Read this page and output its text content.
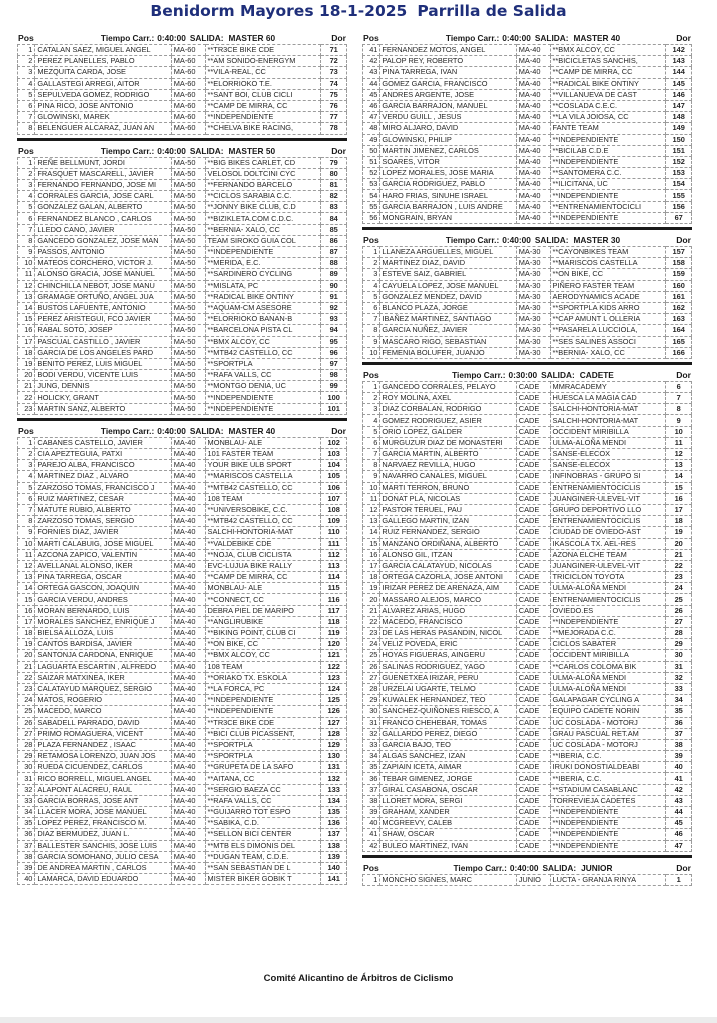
Benidorm Mayores 18-1-2025 Parrilla de Salida
Pos	Tiempo Carr.: 0:40:00 SALIDA: MASTER 60	Dor
1	CATALAN SAEZ, MIGUEL ANGEL	MA-60	**TR3CE BIKE CDE	71
2	PEREZ PLANELLES, PABLO	MA-60	**AM SONIDO-ENERGYM	72
3	MEZQUITA CARDA, JOSE	MA-60	**VILA-REAL, CC	73
4	GALLASTEGI ARREGI, AITOR	MA-60	**ELORRIOKO T.E.	74
5	SEPULVEDA GOMEZ, RODRIGO	MA-60	**SANT BOI, CLUB CICLI	75
6	PINA RICO, JOSE ANTONIO	MA-60	**CAMP DE MIRRA, CC	76
7	GLOWINSKI, MAREK	MA-60	**INDEPENDIENTE	77
8	BELENGUER ALCARAZ, JUAN AN	MA-60	**CHELVA BIKE RACING,	78
Pos	Tiempo Carr.: 0:40:00 SALIDA: MASTER 50	Dor
1	REÑE BELLMUNT, JORDI	MA-50	**BIG BIKES CARLET, CD	79
2	FRASQUET MASCARELL, JAVIER	MA-50	VELOSOL DOLTCINI CYC	80
3	FERNANDO FERNANDO, JOSE MI	MA-50	**FERNANDO BARCELO	81
4	CORRALES GARCIA, JOSE CARL	MA-50	**CICLOS SARABIA C.C.	82
5	GONZALEZ GALAN, ALBERTO	MA-50	**JONNY BIKE CLUB, C.D	83
6	FERNANDEZ BLANCO , CARLOS	MA-50	**BIZIKLETA.COM C.D.C.	84
7	LLEDO CANO, JAVIER	MA-50	**BERNIA- XALO, CC	85
8	GANCEDO GONZALEZ, JOSE MAN	MA-50	TEAM SIROKO GUIA COL	86
9	PASSOS, ANTONIO	MA-50	**INDEPENDIENTE	87
10	MATEOS CORCHERO, VICTOR J.	MA-50	**MERIDA, E.C.	88
11	ALONSO GRACIA, JOSE MANUEL	MA-50	**SARDINERO CYCLING	89
12	CHINCHILLA NEBOT, JOSE MANU	MA-50	**MISLATA, PC	90
13	GRAMAGE ORTUÑO, ANGEL JUA	MA-50	**RADICAL BIKE ONTINY	91
14	BUSTOS LAFUENTE, ANTONIO	MA-50	**AQUAM-CM ASESORE	92
15	PEREZ ARISTEGUI, FCO JAVIER	MA-50	**ELORRIOKO BANAN-B	93
16	RABAL SOTO, JOSEP	MA-50	**BARCELONA PISTA CL	94
17	PASCUAL CASTILLO , JAVIER	MA-50	**BMX ALCOY, CC	95
18	GARCIA DE LOS ANGELES PARD	MA-50	**MTB42 CASTELLO, CC	96
19	BENITO PEREZ, LUIS MIGUEL	MA-50	**SPORTPLA	97
20	BODI VERDU, VICENTE LUIS	MA-50	**RAFA VALLS, CC	98
21	JUNG, DENNIS	MA-50	**MONTGO DENIA, UC	99
22	HOLICKY, GRANT	MA-50	**INDEPENDIENTE	100
23	MARTIN SANZ, ALBERTO	MA-50	**INDEPENDIENTE	101
Pos	Tiempo Carr.: 0:40:00 SALIDA: MASTER 40	Dor
1	CABANES CASTELLO, JAVIER	MA-40	MONBLAU- ALE	102
2	CIA APEZTEGUIA, PATXI	MA-40	101 FASTER TEAM	103
3	PAREJO ALBA, FRANCISCO	MA-40	YOUR BIKE ULB SPORT	104
4	MARTINEZ DIAZ , ALVARO	MA-40	**MARISCOS CASTELLA	105
5	ZARZOSO TOMAS, FRANCISCO J	MA-40	**MTB42 CASTELLO, CC	106
6	RUIZ MARTINEZ, CESAR	MA-40	108 TEAM	107
7	MATUTE RUBIO, ALBERTO	MA-40	**UNIVERSOBIKE, C.C.	108
8	ZARZOSO TOMAS, SERGIO	MA-40	**MTB42 CASTELLO, CC	109
9	FORNIES DIAZ, JAVIER	MA-40	SALCHI-HONTORIA-MAT	110
10	MARTI CALABUIG, JOSE MIGUEL	MA-40	**VALDEBIKE CDE	111
11	AZCONA ZAPICO, VALENTIN	MA-40	**NOJA, CLUB CICLISTA	112
12	AVELLANAL ALONSO, IKER	MA-40	EVC-LUJUA BIKE RALLY	113
13	PINA TARREGA, OSCAR	MA-40	**CAMP DE MIRRA, CC	114
14	ORTEGA GASCON, JOAQUIN	MA-40	MONBLAU- ALE	115
15	GARCIA VERDU, ANDRES	MA-40	**CONNECT, CC	116
16	MORAN BERNARDO, LUIS	MA-40	DEBRA PIEL DE MARIPO	117
17	MORALES SANCHEZ, ENRIQUE J	MA-40	**ANGLIRUBIKE	118
18	BIELSA ALLOZA, LUIS	MA-40	**BIKING POINT, CLUB CI	119
19	CANTOS BARDISA, JAVIER	MA-40	**ON BIKE, CC	120
20	SANTONJA CARDONA, ENRIQUE	MA-40	**BMX ALCOY, CC	121
21	LAGUARTA ESCARTIN , ALFREDO	MA-40	108 TEAM	122
22	SAIZAR MATXINEA, IKER	MA-40	**ORIAKO TX. ESKOLA	123
23	CALATAYUD MARQUEZ, SERGIO	MA-40	**LA FORCA, PC	124
24	MATOS, ROGERIO	MA-40	**INDEPENDIENTE	125
25	MACEDO, MARCO	MA-40	**INDEPENDIENTE	126
26	SABADELL PARRADO, DAVID	MA-40	**TR3CE BIKE CDE	127
27	PRIMO ROMAGUERA, VICENT	MA-40	**BICI CLUB PICASSENT,	128
28	PLAZA FERNANDEZ , ISAAC	MA-40	**SPORTPLA	129
29	RETAMOSA LORENZO, JUAN JOS	MA-40	**SPORTPLA	130
30	RUEDA CICUENDEZ, CARLOS	MA-40	**GRUPETA DE LA SAFO	131
31	RICO BORRELL, MIGUEL ANGEL	MA-40	**AITANA, CC	132
32	ALAPONT ALACREU, RAUL	MA-40	**SERGIO BAEZA CC	133
33	GARCIA BORRAS, JOSE ANT	MA-40	**RAFA VALLS, CC	134
34	LLACER MORA, JOSE MANUEL	MA-40	**GUIJARRO TOT ESPO	135
35	LOPEZ PEREZ, FRANCISCO M.	MA-40	**SABIKA, C.D.	136
36	DIAZ BERMUDEZ, JUAN L.	MA-40	**SELLON BICI CENTER	137
37	BALLESTER SANCHIS, JOSE LUIS	MA-40	**MTB ELS DIMONIS DEL	138
38	GARCIA SOMOHANO, JULIO CESA	MA-40	**DUGAN TEAM, C.D.E.	139
39	DE ANDREA MARTIN , CARLOS	MA-40	**SAN SEBASTIAN DE L	140
40	LAMARCA, DAVID EDUARDO	MA-40	MISTER BIKER GOBIK T	141
Pos	Tiempo Carr.: 0:40:00 SALIDA: MASTER 40	Dor
41	FERNANDEZ MOTOS, ANGEL	MA-40	**BMX ALCOY, CC	142
42	PALOP REY, ROBERTO	MA-40	**BICICLETAS SANCHIS,	143
43	PINA TARREGA, IVAN	MA-40	**CAMP DE MIRRA, CC	144
44	GOMEZ GARCIA, FRANCISCO	MA-40	**RADICAL BIKE ONTINY	145
45	ANDRES ARGENTE, JOSE	MA-40	**VILLANUEVA DE CAST	146
46	GARCIA BARRAJON, MANUEL	MA-40	**COSLADA C.E.C.	147
47	VERDU GUILL , JESUS	MA-40	**LA VILA JOIOSA, CC	148
48	MIRO ALJARO, DAVID	MA-40	FANTE TEAM	149
49	GLOWINSKI, PHILIP	MA-40	**INDEPENDIENTE	150
50	MARTIN JIMENEZ, CARLOS	MA-40	**BICILAB C.D.E	151
51	SOARES, VITOR	MA-40	**INDEPENDIENTE	152
52	LOPEZ MORALES, JOSE MARIA	MA-40	**SANTOMERA C.C.	153
53	GARCIA RODRIGUEZ, PABLO	MA-40	**ILICITANA, UC	154
54	HARO FRIAS, SINUHE ISRAEL	MA-40	**INDEPENDIENTE	155
55	GARCIA BARRAJON , LUIS ANDRE	MA-40	**ENTRENAMIENTOCICLI	156
56	MONGRAIN, BRYAN	MA-40	**INDEPENDIENTE	67
Pos	Tiempo Carr.: 0:40:00 SALIDA: MASTER 30	Dor
1	LLANEZA ARGUELLES, MIGUEL	MA-30	**CAYONBIKES TEAM	157
2	MARTINEZ DIAZ, DAVID	MA-30	**MARISCOS CASTELLA	158
3	ESTEVE SAIZ, GABRIEL	MA-30	**ON BIKE, CC	159
4	CAYUELA LOPEZ, JOSE MANUEL	MA-30	PIÑERO FASTER TEAM	160
5	GONZALEZ MENDEZ, DAVID	MA-30	AERODYNAMICS ACADE	161
6	BLANCO PLAZA, JORGE	MA-30	**SPORTPLA KIDS ARRO	162
7	IBAÑEZ MARTINEZ, SANTIAGO	MA-30	**CAP AMUNT L OLLERIA	163
8	GARCIA NUÑEZ, JAVIER	MA-30	**PASARELA LUCCIOLA,	164
9	MASCARO RIGO, SEBASTIAN	MA-30	**SES SALINES ASSOCI	165
10	FEMENIA BOLUFER, JUANJO	MA-30	**BERNIA- XALO, CC	166
Pos	Tiempo Carr.: 0:30:00 SALIDA: CADETE	Dor
1	GANCEDO CORRALES, PELAYO	CADE	MMRACADEMY	6
2	ROY MOLINA, AXEL	CADE	HUESCA LA MAGIA CAD	7
3	DIAZ CORBALAN, RODRIGO	CADE	SALCHI-HONTORIA-MAT	8
4	GOMEZ RODRIGUEZ, ASIER	CADE	SALCHI-HONTORIA-MAT	9
5	ORIO LOPEZ, GALDER	CADE	OCCIDENT MIRIBILLA	10
6	MURGUZUR DIAZ DE MONASTERI	CADE	ULMA-ALOÑA MENDI	11
7	GARCIA MARTIN, ALBERTO	CADE	SANSE-ELECOX	12
8	NARVAEZ REVILLA, HUGO	CADE	SANSE-ELECOX	13
9	NAVARRO CANALES, MIGUEL	CADE	INFINOBRAS - GRUPO SI	14
10	MARTI TERRON, BRUNO	CADE	ENTRENAMIENTOCICLIS	15
11	DONAT PLA, NICOLAS	CADE	JUANGINER-ULEVEL-VIT	16
12	PASTOR TERUEL, PAU	CADE	GRUPO DEPORTIVO LLO	17
13	GALLEGO MARTIN, IZAN	CADE	ENTRENAMIENTOCICLIS	18
14	RUIZ FERNANDEZ, SERGIO	CADE	CIUDAD DE OVIEDO-AST	19
15	MANZANO ORDIÑANA, ALBERTO	CADE	IKASCOLA TX. AEL-RES	20
16	ALONSO GIL, ITZAN	CADE	AZONA ELCHE TEAM	21
17	GARCIA CALATAYUD, NICOLAS	CADE	JUANGINER-ULEVEL-VIT	22
18	ORTEGA CAZORLA, JOSE ANTONI	CADE	TRICICLON TOYOTA	23
19	IRIZAR PEREZ DE ARENAZA, AIM	CADE	ULMA-ALOÑA MENDI	24
20	MASSARO ALEJOS, MARCO	CADE	ENTRENAMIENTOCICLIS	25
21	ALVAREZ ARIAS, HUGO	CADE	OVIEDO.ES	26
22	MACEDO, FRANCISCO	CADE	**INDEPENDIENTE	27
23	DE LAS HERAS PASANDIN, NICOL	CADE	**MEJORADA C.C.	28
24	VELIZ POVEDA, ERIC	CADE	CICLOS SABATER	29
25	HOYAS FIGUERAS, AINGERU	CADE	OCCIDENT MIRIBILLA	30
26	SALINAS RODRIGUEZ, YAGO	CADE	**CARLOS COLOMA BIK	31
27	GUENETXEA IRIZAR, PERU	CADE	ULMA-ALOÑA MENDI	32
28	URZELAI UGARTE, TELMO	CADE	ULMA-ALOÑA MENDI	33
29	KUWALEK HERNANDEZ, TEO	CADE	GALAPAGAR CYCLING A	34
30	SANCHEZ-QUIÑONES RIESCO, A	CADE	EQUIPO CADETE NORIN	35
31	FRANCO CHEHEBAR, TOMAS	CADE	UC COSLADA - MOTORJ	36
32	GALLARDO PEREZ, DIEGO	CADE	GRAU PASCUAL RET.AM	37
33	GARCIA BAJO, TEO	CADE	UC COSLADA - MOTORJ	38
34	ALGAS SANCHEZ, IZAN	CADE	**IBERIA, C.C.	39
35	ZAPIAIN ICETA, AIMAR	CADE	IRUKI DONOSTIALDEABI	40
36	TEBAR GIMENEZ, JORGE	CADE	**IBERIA, C.C.	41
37	GIRAL CASABONA, OSCAR	CADE	**STADIUM CASABLANC	42
38	LLORET MORA, SERGI	CADE	TORREVIEJA CADETES	43
39	GRAHAM, XANDER	CADE	**INDEPENDIENTE	44
40	MCGREEVY, CALEB	CADE	**INDEPENDIENTE	45
41	SHAW, OSCAR	CADE	**INDEPENDIENTE	46
42	BULEO MARTINEZ, IVAN	CADE	**INDEPENDIENTE	47
Pos	Tiempo Carr.: 0:40:00 SALIDA: JUNIOR	Dor
1	MONCHO SIGNES, MARC	JUNIO	LUCTA - GRANJA RINYA	1
Comité Alicantino de Árbitros de Ciclismo
